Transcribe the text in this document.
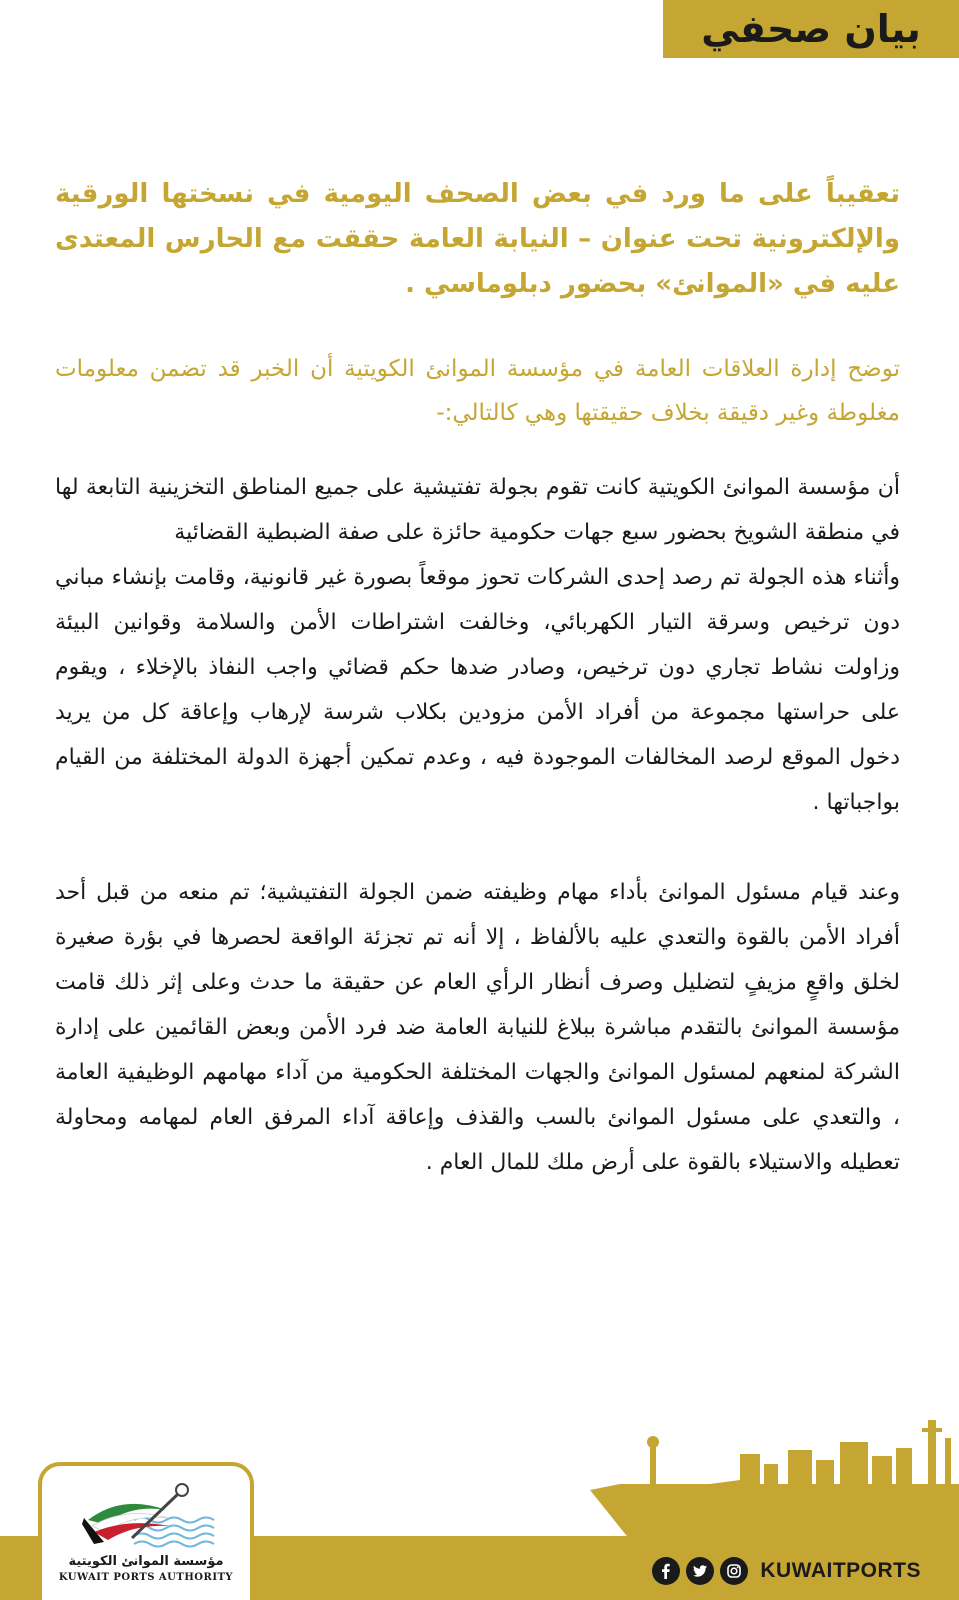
بيان صحفي

تعقيباً على ما ورد في بعض الصحف اليومية في نسختها الورقية والإلكترونية تحت عنوان – النيابة العامة حققت مع الحارس المعتدى عليه في «الموانئ» بحضور دبلوماسي .

توضح إدارة العلاقات العامة في مؤسسة الموانئ الكويتية أن الخبر قد تضمن معلومات مغلوطة وغير دقيقة بخلاف حقيقتها وهي كالتالي:-

أن مؤسسة الموانئ الكويتية كانت تقوم بجولة تفتيشية على جميع المناطق التخزينية التابعة لها في منطقة الشويخ بحضور سبع جهات حكومية حائزة على صفة الضبطية القضائية

وأثناء هذه الجولة تم رصد إحدى الشركات تحوز موقعاً بصورة غير قانونية، وقامت بإنشاء مباني دون ترخيص وسرقة التيار الكهربائي، وخالفت اشتراطات الأمن والسلامة وقوانين البيئة وزاولت نشاط تجاري دون ترخيص، وصادر ضدها حكم قضائي واجب النفاذ بالإخلاء ، ويقوم على حراستها مجموعة من أفراد الأمن مزودين بكلاب شرسة لإرهاب وإعاقة كل من يريد دخول الموقع لرصد المخالفات الموجودة فيه ، وعدم تمكين أجهزة الدولة المختلفة من القيام بواجباتها .

وعند قيام مسئول الموانئ بأداء مهام وظيفته ضمن الجولة التفتيشية؛ تم منعه من قبل أحد أفراد الأمن بالقوة والتعدي عليه بالألفاظ ، إلا أنه تم تجزئة الواقعة لحصرها في بؤرة صغيرة لخلق واقعٍ مزيفٍ لتضليل وصرف أنظار الرأي العام عن حقيقة ما حدث وعلى إثر ذلك قامت مؤسسة الموانئ بالتقدم مباشرة ببلاغ للنيابة العامة ضد فرد الأمن وبعض القائمين على إدارة الشركة لمنعهم لمسئول الموانئ والجهات المختلفة الحكومية من آداء مهامهم الوظيفية العامة ، والتعدي على مسئول الموانئ بالسب والقذف وإعاقة آداء المرفق العام لمهامه ومحاولة تعطيله والاستيلاء بالقوة على أرض ملك للمال العام .

مؤسسة الموانئ الكويتية
KUWAIT PORTS AUTHORITY	KUWAITPORTS
